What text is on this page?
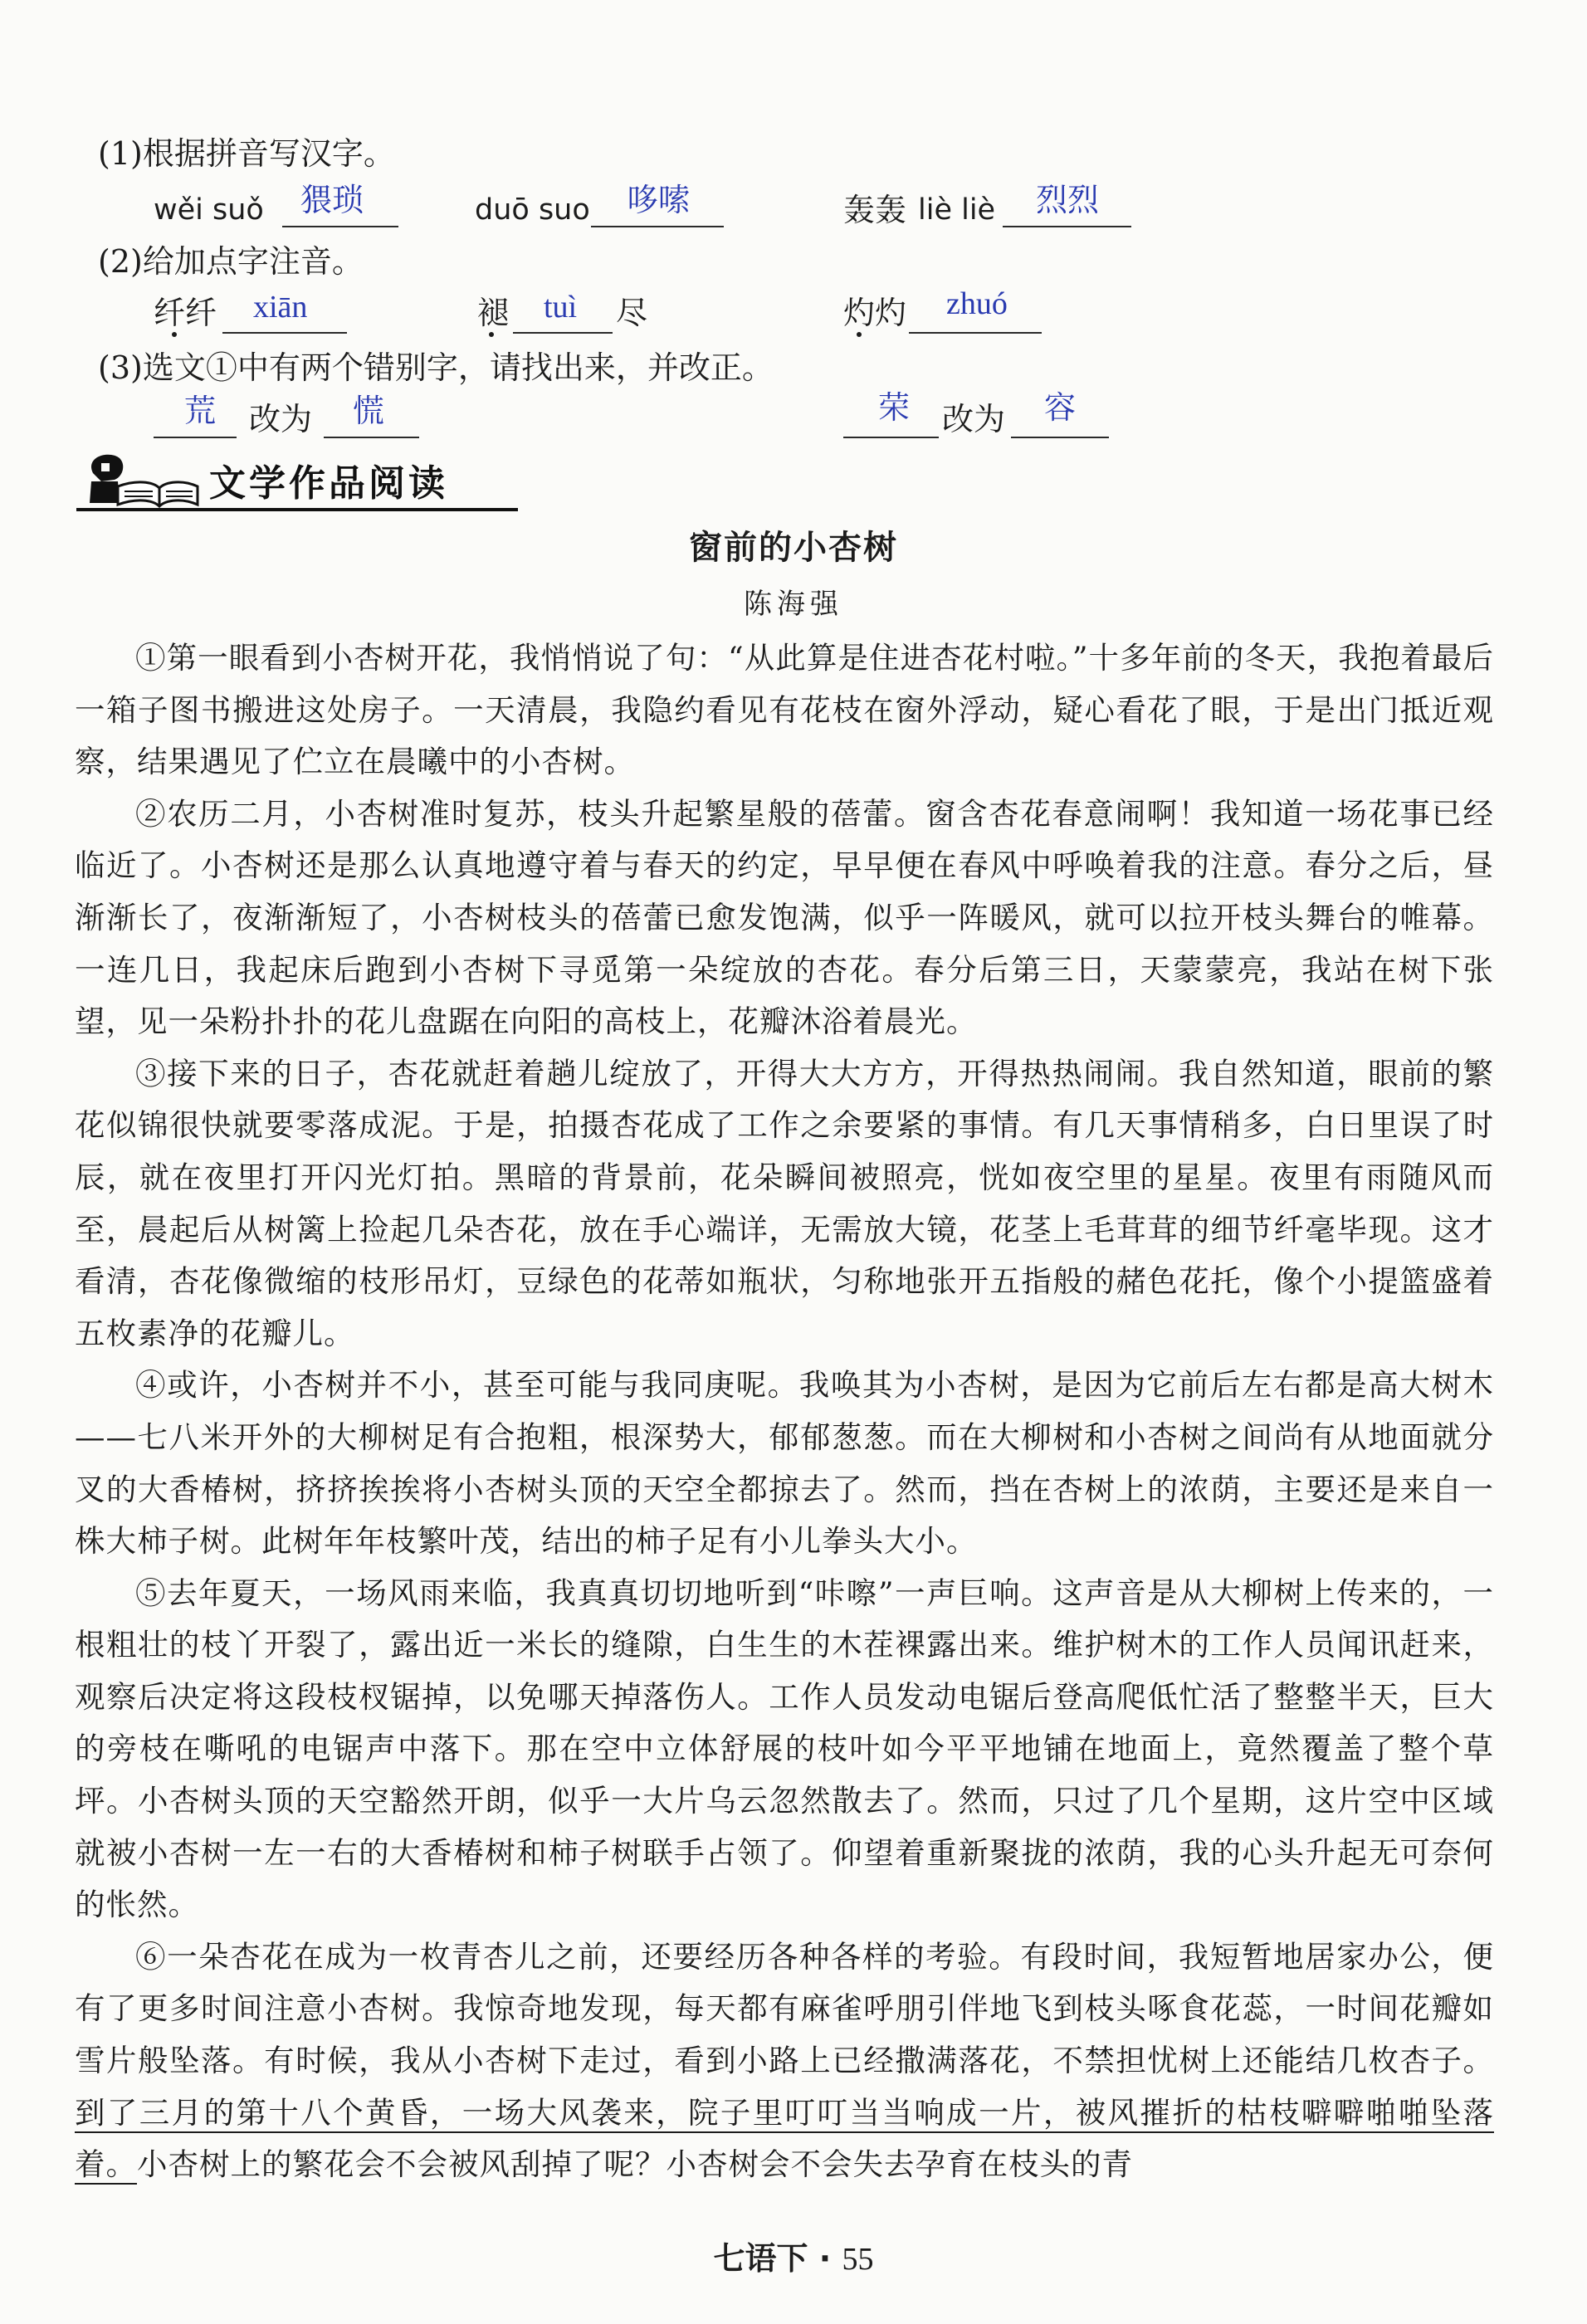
(1)根据拼音写汉字。
wěi suǒ 猥琐	duō suo 哆嗦	轰轰 liè liè 烈烈
(2)给加点字注音。
纤纤 xiān	褪 tuì 尽	灼灼 zhuó
(3)选文①中有两个错别字，请找出来，并改正。
荒 改为 慌	荣 改为 容
文学作品阅读
窗前的小杏树
陈海强

①第一眼看到小杏树开花，我悄悄说了句：“从此算是住进杏花村啦。”十多年前的冬天，我抱着最后一箱子图书搬进这处房子。一天清晨，我隐约看见有花枝在窗外浮动，疑心看花了眼，于是出门抵近观察，结果遇见了伫立在晨曦中的小杏树。

②农历二月，小杏树准时复苏，枝头升起繁星般的蓓蕾。窗含杏花春意闹啊！我知道一场花事已经临近了。小杏树还是那么认真地遵守着与春天的约定，早早便在春风中呼唤着我的注意。春分之后，昼渐渐长了，夜渐渐短了，小杏树枝头的蓓蕾已愈发饱满，似乎一阵暖风，就可以拉开枝头舞台的帷幕。一连几日，我起床后跑到小杏树下寻觅第一朵绽放的杏花。春分后第三日，天蒙蒙亮，我站在树下张望，见一朵粉扑扑的花儿盘踞在向阳的高枝上，花瓣沐浴着晨光。

③接下来的日子，杏花就赶着趟儿绽放了，开得大大方方，开得热热闹闹。我自然知道，眼前的繁花似锦很快就要零落成泥。于是，拍摄杏花成了工作之余要紧的事情。有几天事情稍多，白日里误了时辰，就在夜里打开闪光灯拍。黑暗的背景前，花朵瞬间被照亮，恍如夜空里的星星。夜里有雨随风而至，晨起后从树篱上捡起几朵杏花，放在手心端详，无需放大镜，花茎上毛茸茸的细节纤毫毕现。这才看清，杏花像微缩的枝形吊灯，豆绿色的花蒂如瓶状，匀称地张开五指般的赭色花托，像个小提篮盛着五枚素净的花瓣儿。

④或许，小杏树并不小，甚至可能与我同庚呢。我唤其为小杏树，是因为它前后左右都是高大树木——七八米开外的大柳树足有合抱粗，根深势大，郁郁葱葱。而在大柳树和小杏树之间尚有从地面就分叉的大香椿树，挤挤挨挨将小杏树头顶的天空全都掠去了。然而，挡在杏树上的浓荫，主要还是来自一株大柿子树。此树年年枝繁叶茂，结出的柿子足有小儿拳头大小。

⑤去年夏天，一场风雨来临，我真真切切地听到“咔嚓”一声巨响。这声音是从大柳树上传来的，一根粗壮的枝丫开裂了，露出近一米长的缝隙，白生生的木茬裸露出来。维护树木的工作人员闻讯赶来，观察后决定将这段枝杈锯掉，以免哪天掉落伤人。工作人员发动电锯后登高爬低忙活了整整半天，巨大的旁枝在嘶吼的电锯声中落下。那在空中立体舒展的枝叶如今平平地铺在地面上，竟然覆盖了整个草坪。小杏树头顶的天空豁然开朗，似乎一大片乌云忽然散去了。然而，只过了几个星期，这片空中区域就被小杏树一左一右的大香椿树和柿子树联手占领了。仰望着重新聚拢的浓荫，我的心头升起无可奈何的怅然。

⑥一朵杏花在成为一枚青杏儿之前，还要经历各种各样的考验。有段时间，我短暂地居家办公，便有了更多时间注意小杏树。我惊奇地发现，每天都有麻雀呼朋引伴地飞到枝头啄食花蕊，一时间花瓣如雪片般坠落。有时候，我从小杏树下走过，看到小路上已经撒满落花，不禁担忧树上还能结几枚杏子。到了三月的第十八个黄昏，一场大风袭来，院子里叮叮当当响成一片，被风摧折的枯枝噼噼啪啪坠落着。小杏树上的繁花会不会被风刮掉了呢？小杏树会不会失去孕育在枝头的青

七语下 · 55
